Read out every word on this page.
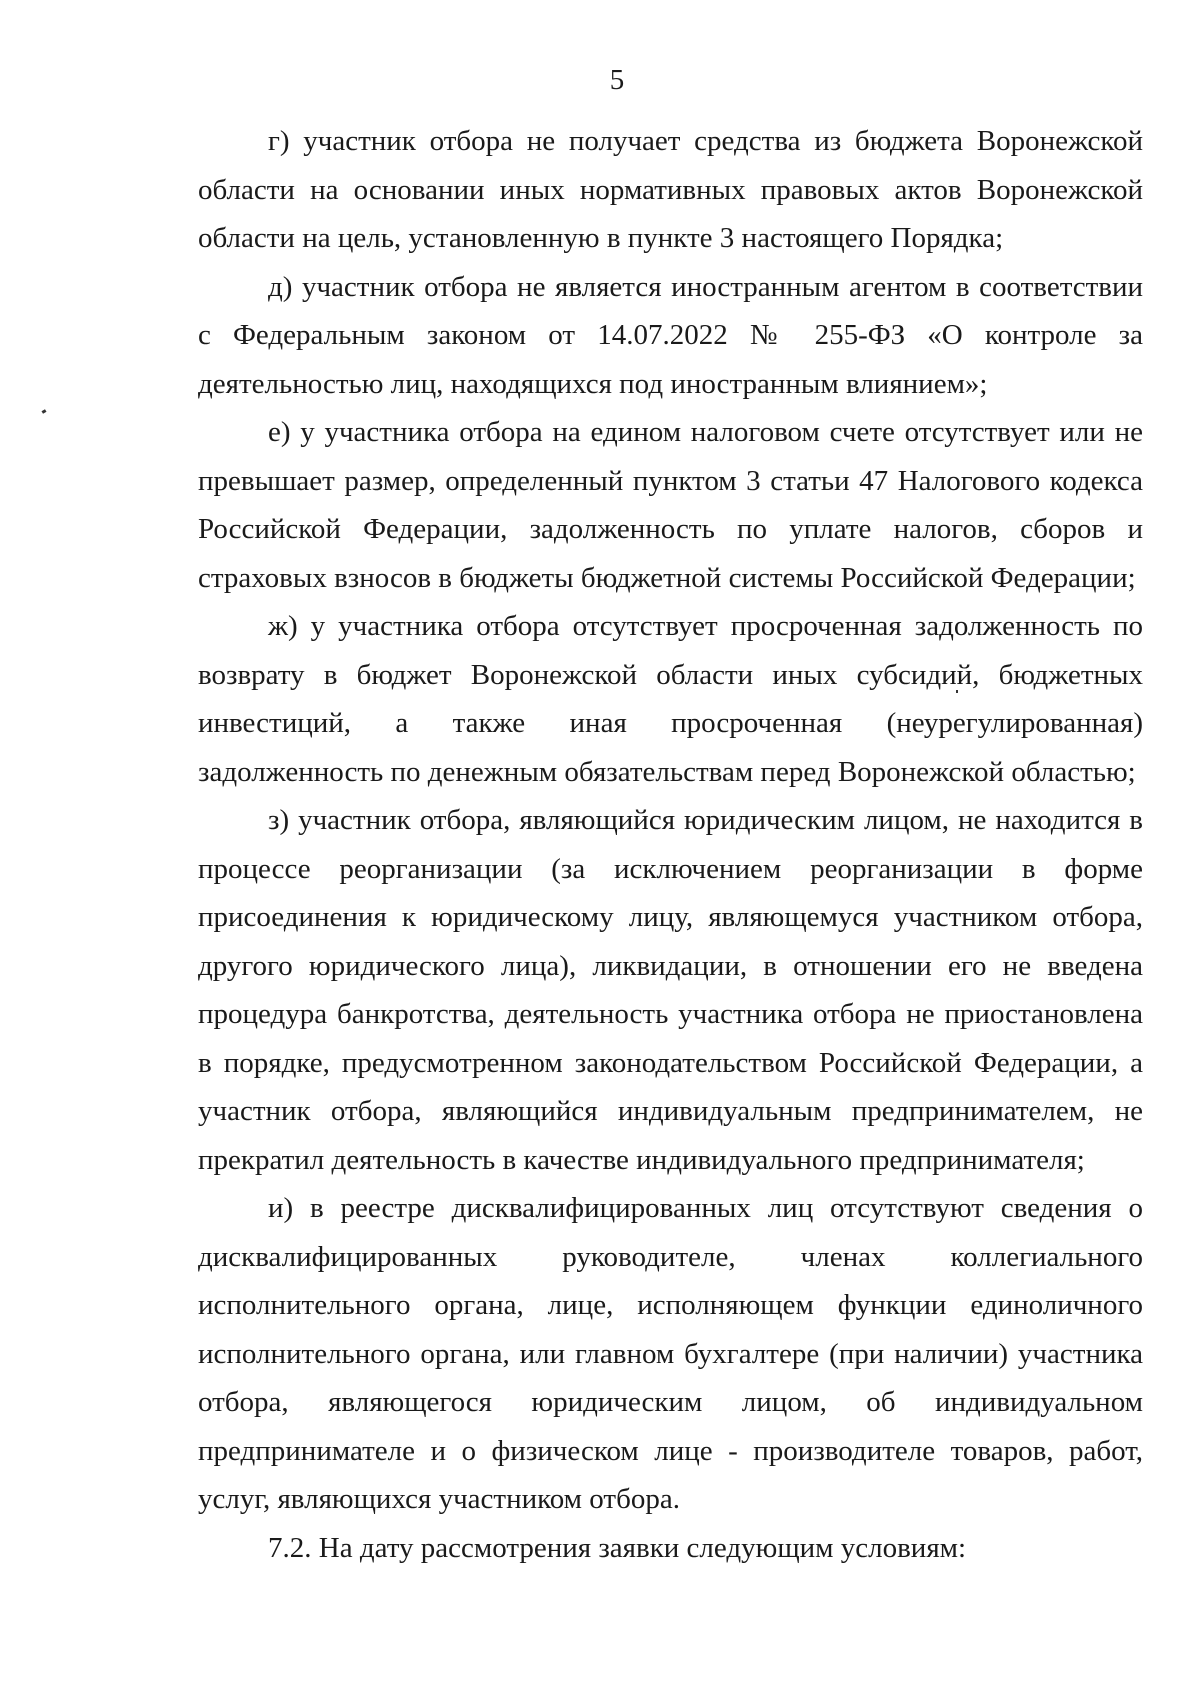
5

г) участник отбора не получает средства из бюджета Воронежской области на основании иных нормативных правовых актов Воронежской области на цель, установленную в пункте 3 настоящего Порядка;

д) участник отбора не является иностранным агентом в соответствии с Федеральным законом от 14.07.2022 № 255-ФЗ «О контроле за деятельностью лиц, находящихся под иностранным влиянием»;

е) у участника отбора на едином налоговом счете отсутствует или не превышает размер, определенный пунктом 3 статьи 47 Налогового кодекса Российской Федерации, задолженность по уплате налогов, сборов и страховых взносов в бюджеты бюджетной системы Российской Федерации;

ж) у участника отбора отсутствует просроченная задолженность по возврату в бюджет Воронежской области иных субсидий, бюджетных инвестиций, а также иная просроченная (неурегулированная) задолженность по денежным обязательствам перед Воронежской областью;

з) участник отбора, являющийся юридическим лицом, не находится в процессе реорганизации (за исключением реорганизации в форме присоединения к юридическому лицу, являющемуся участником отбора, другого юридического лица), ликвидации, в отношении его не введена процедура банкротства, деятельность участника отбора не приостановлена в порядке, предусмотренном законодательством Российской Федерации, а участник отбора, являющийся индивидуальным предпринимателем, не прекратил деятельность в качестве индивидуального предпринимателя;

и) в реестре дисквалифицированных лиц отсутствуют сведения о дисквалифицированных руководителе, членах коллегиального исполнительного органа, лице, исполняющем функции единоличного исполнительного органа, или главном бухгалтере (при наличии) участника отбора, являющегося юридическим лицом, об индивидуальном предпринимателе и о физическом лице - производителе товаров, работ, услуг, являющихся участником отбора.

7.2. На дату рассмотрения заявки следующим условиям:
